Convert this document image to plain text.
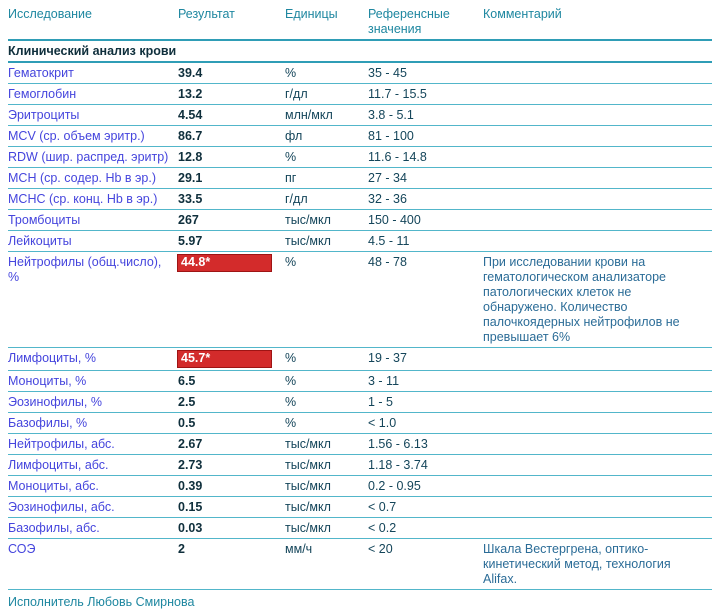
Исследование	Результат	Единицы	Референсные значения	Комментарий
Клинический анализ крови				
Гематокрит	39.4	%	35 - 45	
Гемоглобин	13.2	г/дл	11.7 - 15.5	
Эритроциты	4.54	млн/мкл	3.8 - 5.1	
MCV (ср. объем эритр.)	86.7	фл	81 - 100	
RDW (шир. распред. эритр)	12.8	%	11.6 - 14.8	
MCH (ср. содер. Hb в эр.)	29.1	пг	27 - 34	
MCHC (ср. конц. Hb в эр.)	33.5	г/дл	32 - 36	
Тромбоциты	267	тыс/мкл	150 - 400	
Лейкоциты	5.97	тыс/мкл	4.5 - 11	
Нейтрофилы (общ.число), %	44.8*	%	48 - 78	При исследовании крови на гематологическом анализаторе патологических клеток не обнаружено. Количество палочкоядерных нейтрофилов не превышает 6%
Лимфоциты, %	45.7*	%	19 - 37	
Моноциты, %	6.5	%	3 - 11	
Эозинофилы, %	2.5	%	1 - 5	
Базофилы, %	0.5	%	< 1.0	
Нейтрофилы, абс.	2.67	тыс/мкл	1.56 - 6.13	
Лимфоциты, абс.	2.73	тыс/мкл	1.18 - 3.74	
Моноциты, абс.	0.39	тыс/мкл	0.2 - 0.95	
Эозинофилы, абс.	0.15	тыс/мкл	< 0.7	
Базофилы, абс.	0.03	тыс/мкл	< 0.2	
СОЭ	2	мм/ч	< 20	Шкала Вестергрена, оптико-кинетический метод, технология Alifax.
Исполнитель Любовь Смирнова
